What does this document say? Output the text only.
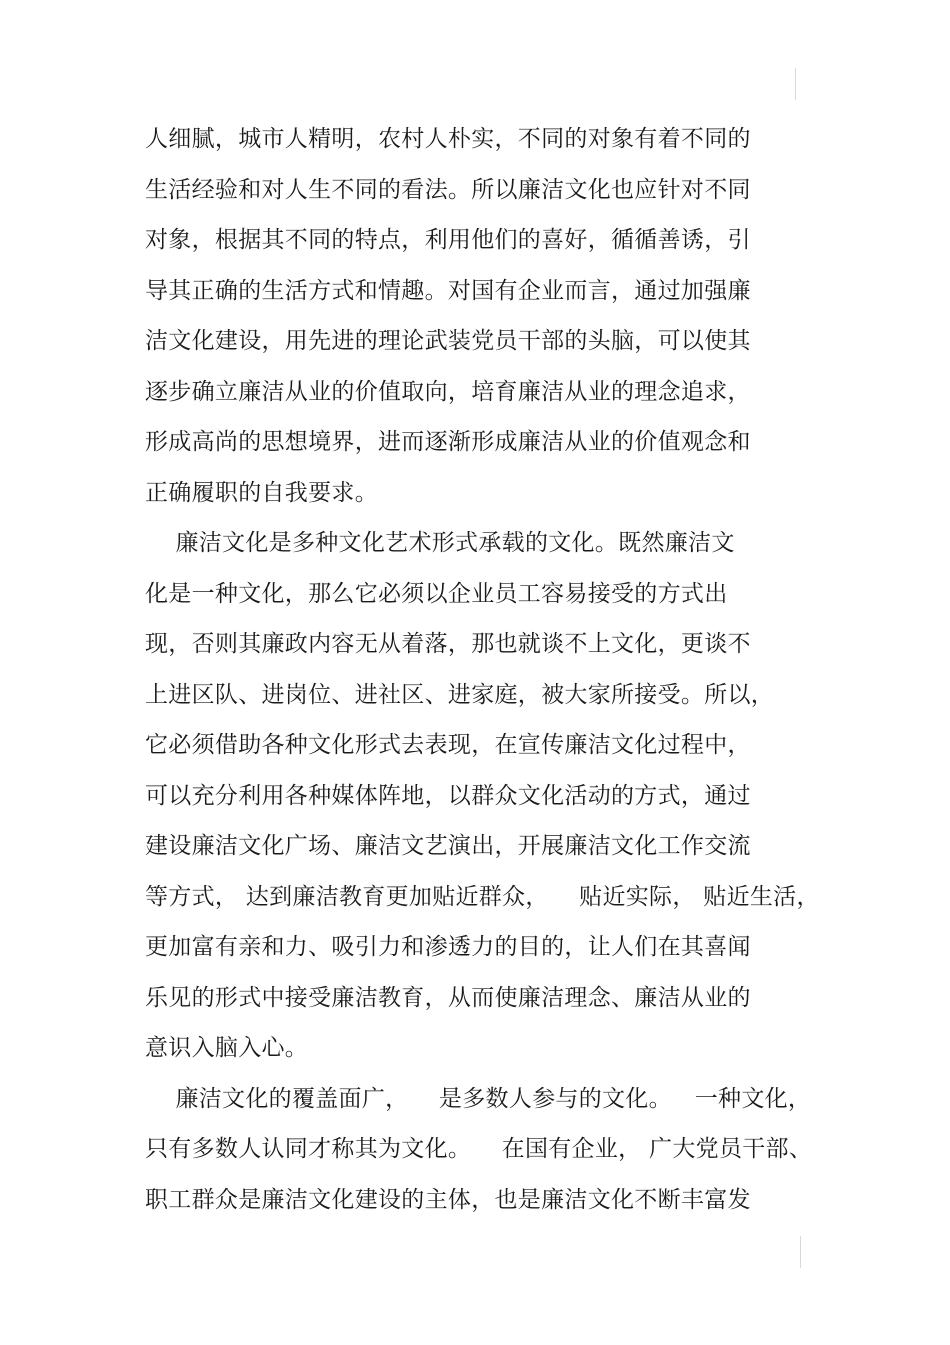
人细腻，城市人精明，农村人朴实，不同的对象有着不同的
生活经验和对人生不同的看法。所以廉洁文化也应针对不同
对象，根据其不同的特点，利用他们的喜好，循循善诱，引
导其正确的生活方式和情趣。对国有企业而言，通过加强廉
洁文化建设，用先进的理论武装党员干部的头脑，可以使其
逐步确立廉洁从业的价值取向，培育廉洁从业的理念追求，
形成高尚的思想境界，进而逐渐形成廉洁从业的价值观念和
正确履职的自我要求。
廉洁文化是多种文化艺术形式承载的文化。既然廉洁文
化是一种文化，那么它必须以企业员工容易接受的方式出
现，否则其廉政内容无从着落，那也就谈不上文化，更谈不
上进区队、进岗位、进社区、进家庭，被大家所接受。所以，
它必须借助各种文化形式去表现，在宣传廉洁文化过程中，
可以充分利用各种媒体阵地，以群众文化活动的方式，通过
建设廉洁文化广场、廉洁文艺演出，开展廉洁文化工作交流
等方式， 达到廉洁教育更加贴近群众，    贴近实际， 贴近生活，
更加富有亲和力、吸引力和渗透力的目的，让人们在其喜闻
乐见的形式中接受廉洁教育，从而使廉洁理念、廉洁从业的
意识入脑入心。
廉洁文化的覆盖面广，    是多数人参与的文化。   一种文化，
只有多数人认同才称其为文化。    在国有企业， 广大党员干部、
职工群众是廉洁文化建设的主体，也是廉洁文化不断丰富发
